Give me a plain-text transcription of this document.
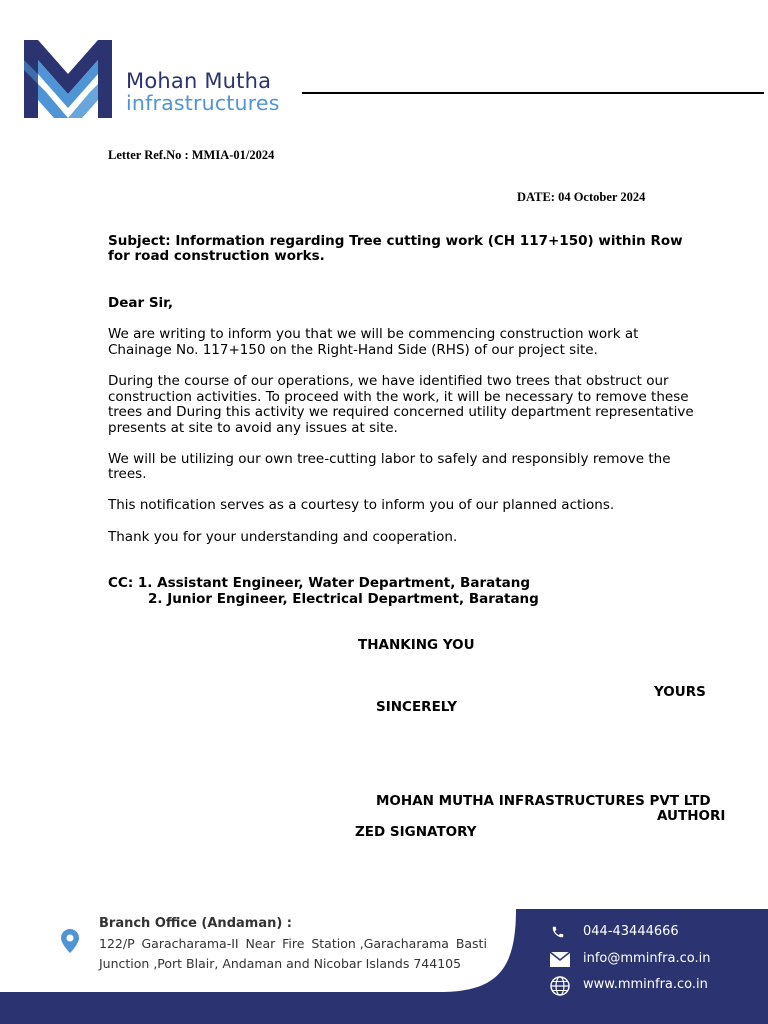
Mohan Mutha
infrastructures
Letter Ref.No : MMIA-01/2024
DATE: 04 October 2024
Subject: Information regarding Tree cutting work (CH 117+150) within Row
for road construction works.
Dear Sir,
We are writing to inform you that we will be commencing construction work at
Chainage No. 117+150 on the Right-Hand Side (RHS) of our project site.
During the course of our operations, we have identified two trees that obstruct our
construction activities. To proceed with the work, it will be necessary to remove these
trees and During this activity we required concerned utility department representative
presents at site to avoid any issues at site.
We will be utilizing our own tree-cutting labor to safely and responsibly remove the
trees.
This notification serves as a courtesy to inform you of our planned actions.
Thank you for your understanding and cooperation.
CC: 1. Assistant Engineer, Water Department, Baratang
2. Junior Engineer, Electrical Department, Baratang
THANKING YOU
YOURS
SINCERELY
MOHAN MUTHA INFRASTRUCTURES PVT LTD
AUTHORI
ZED SIGNATORY
Branch Office (Andaman) :
122/P Garacharama-II Near Fire Station ,Garacharama Basti
Junction ,Port Blair, Andaman and Nicobar Islands 744105
044-43444666
info@mminfra.co.in
www.mminfra.co.in
